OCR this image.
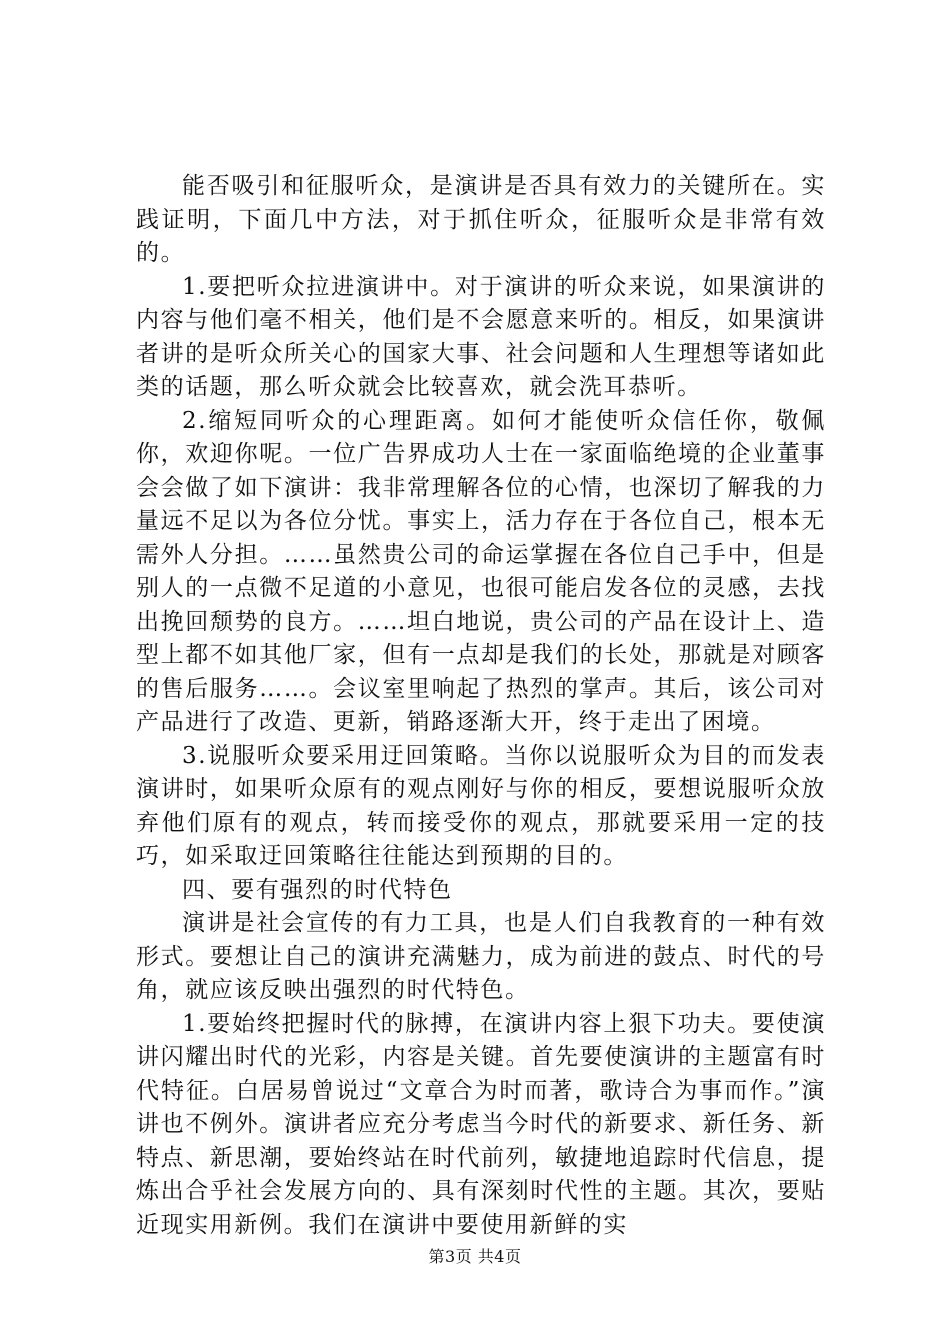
能否吸引和征服听众，是演讲是否具有效力的关键所在。实践证明，下面几中方法，对于抓住听众，征服听众是非常有效的。

1.要把听众拉进演讲中。对于演讲的听众来说，如果演讲的内容与他们毫不相关，他们是不会愿意来听的。相反，如果演讲者讲的是听众所关心的国家大事、社会问题和人生理想等诸如此类的话题，那么听众就会比较喜欢，就会洗耳恭听。

2.缩短同听众的心理距离。如何才能使听众信任你，敬佩你，欢迎你呢。一位广告界成功人士在一家面临绝境的企业董事会会做了如下演讲：我非常理解各位的心情，也深切了解我的力量远不足以为各位分忧。事实上，活力存在于各位自己，根本无需外人分担。……虽然贵公司的命运掌握在各位自己手中，但是别人的一点微不足道的小意见，也很可能启发各位的灵感，去找出挽回颓势的良方。……坦白地说，贵公司的产品在设计上、造型上都不如其他厂家，但有一点却是我们的长处，那就是对顾客的售后服务……。会议室里响起了热烈的掌声。其后，该公司对产品进行了改造、更新，销路逐渐大开，终于走出了困境。

3.说服听众要采用迂回策略。当你以说服听众为目的而发表演讲时，如果听众原有的观点刚好与你的相反，要想说服听众放弃他们原有的观点，转而接受你的观点，那就要采用一定的技巧，如采取迂回策略往往能达到预期的目的。

四、要有强烈的时代特色

演讲是社会宣传的有力工具，也是人们自我教育的一种有效形式。要想让自己的演讲充满魅力，成为前进的鼓点、时代的号角，就应该反映出强烈的时代特色。

1.要始终把握时代的脉搏，在演讲内容上狠下功夫。要使演讲闪耀出时代的光彩，内容是关键。首先要使演讲的主题富有时代特征。白居易曾说过“文章合为时而著，歌诗合为事而作。”演讲也不例外。演讲者应充分考虑当今时代的新要求、新任务、新特点、新思潮，要始终站在时代前列，敏捷地追踪时代信息，提炼出合乎社会发展方向的、具有深刻时代性的主题。其次，要贴近现实用新例。我们在演讲中要使用新鲜的实

第3页 共4页
